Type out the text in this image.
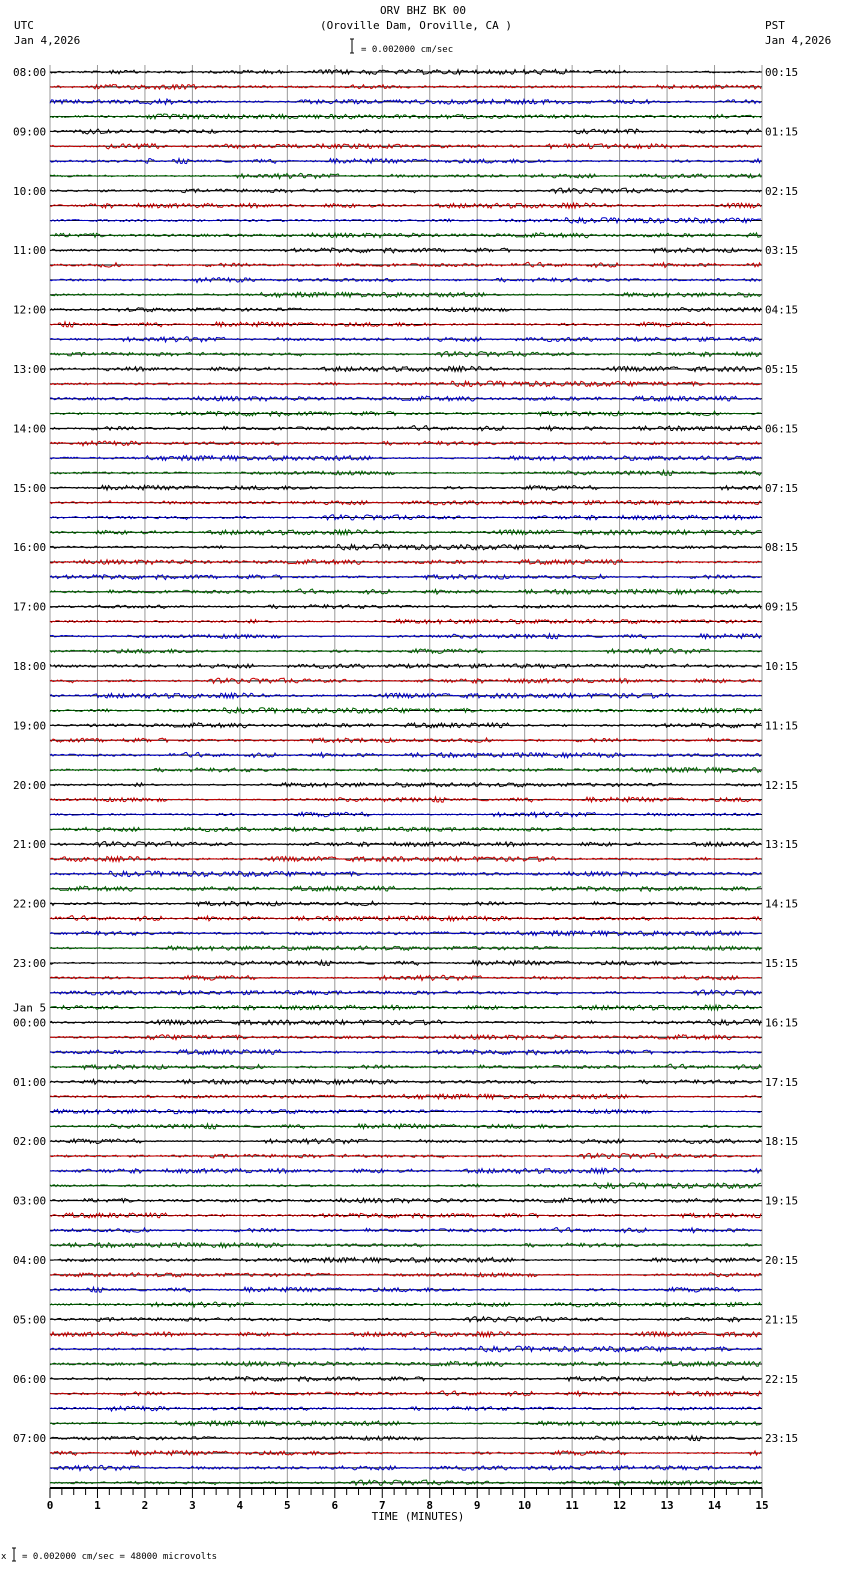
ORV BHZ BK 00
(Oroville Dam, Oroville, CA )
UTC
Jan 4,2026
PST
Jan 4,2026
= 0.002000 cm/sec
08:00
09:00
10:00
11:00
12:00
13:00
14:00
15:00
16:00
17:00
18:00
19:00
20:00
21:00
22:00
23:00
00:00
Jan 5
01:00
02:00
03:00
04:00
05:00
06:00
07:00
00:15
01:15
02:15
03:15
04:15
05:15
06:15
07:15
08:15
09:15
10:15
11:15
12:15
13:15
14:15
15:15
16:15
17:15
18:15
19:15
20:15
21:15
22:15
23:15
0	1	2	3	4	5	6	7	8	9	10	11	12	13	14	15
TIME (MINUTES)
x = 0.002000 cm/sec = 48000 microvolts
